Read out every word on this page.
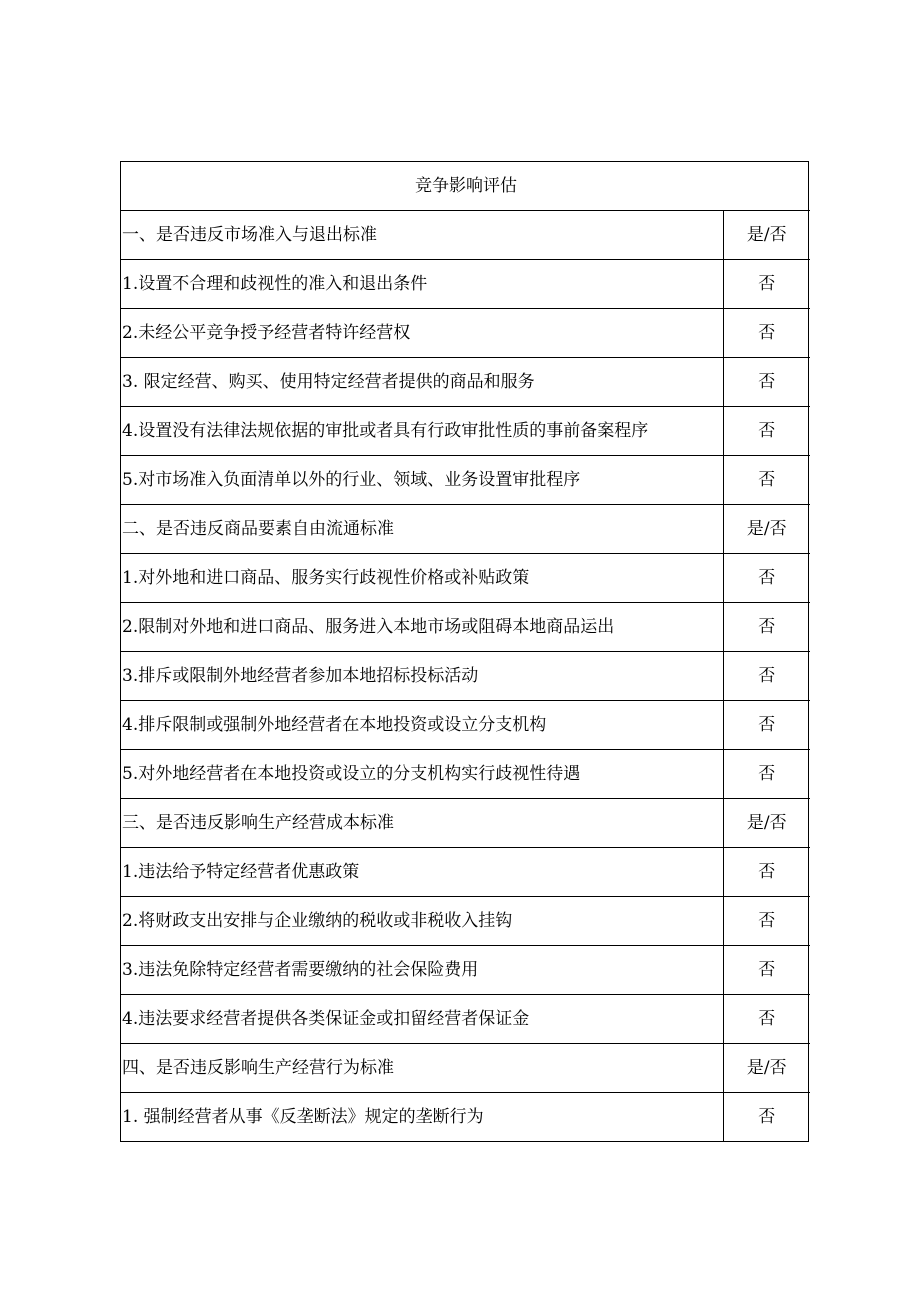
竞争影响评估	
一、是否违反市场准入与退出标准	是/否
1.设置不合理和歧视性的准入和退出条件	否
2.未经公平竞争授予经营者特许经营权	否
3. 限定经营、购买、使用特定经营者提供的商品和服务	否
4.设置没有法律法规依据的审批或者具有行政审批性质的事前备案程序	否
5.对市场准入负面清单以外的行业、领域、业务设置审批程序	否
二、是否违反商品要素自由流通标准	是/否
1.对外地和进口商品、服务实行歧视性价格或补贴政策	否
2.限制对外地和进口商品、服务进入本地市场或阻碍本地商品运出	否
3.排斥或限制外地经营者参加本地招标投标活动	否
4.排斥限制或强制外地经营者在本地投资或设立分支机构	否
5.对外地经营者在本地投资或设立的分支机构实行歧视性待遇	否
三、是否违反影响生产经营成本标准	是/否
1.违法给予特定经营者优惠政策	否
2.将财政支出安排与企业缴纳的税收或非税收入挂钩	否
3.违法免除特定经营者需要缴纳的社会保险费用	否
4.违法要求经营者提供各类保证金或扣留经营者保证金	否
四、是否违反影响生产经营行为标准	是/否
1. 强制经营者从事《反垄断法》规定的垄断行为	否
